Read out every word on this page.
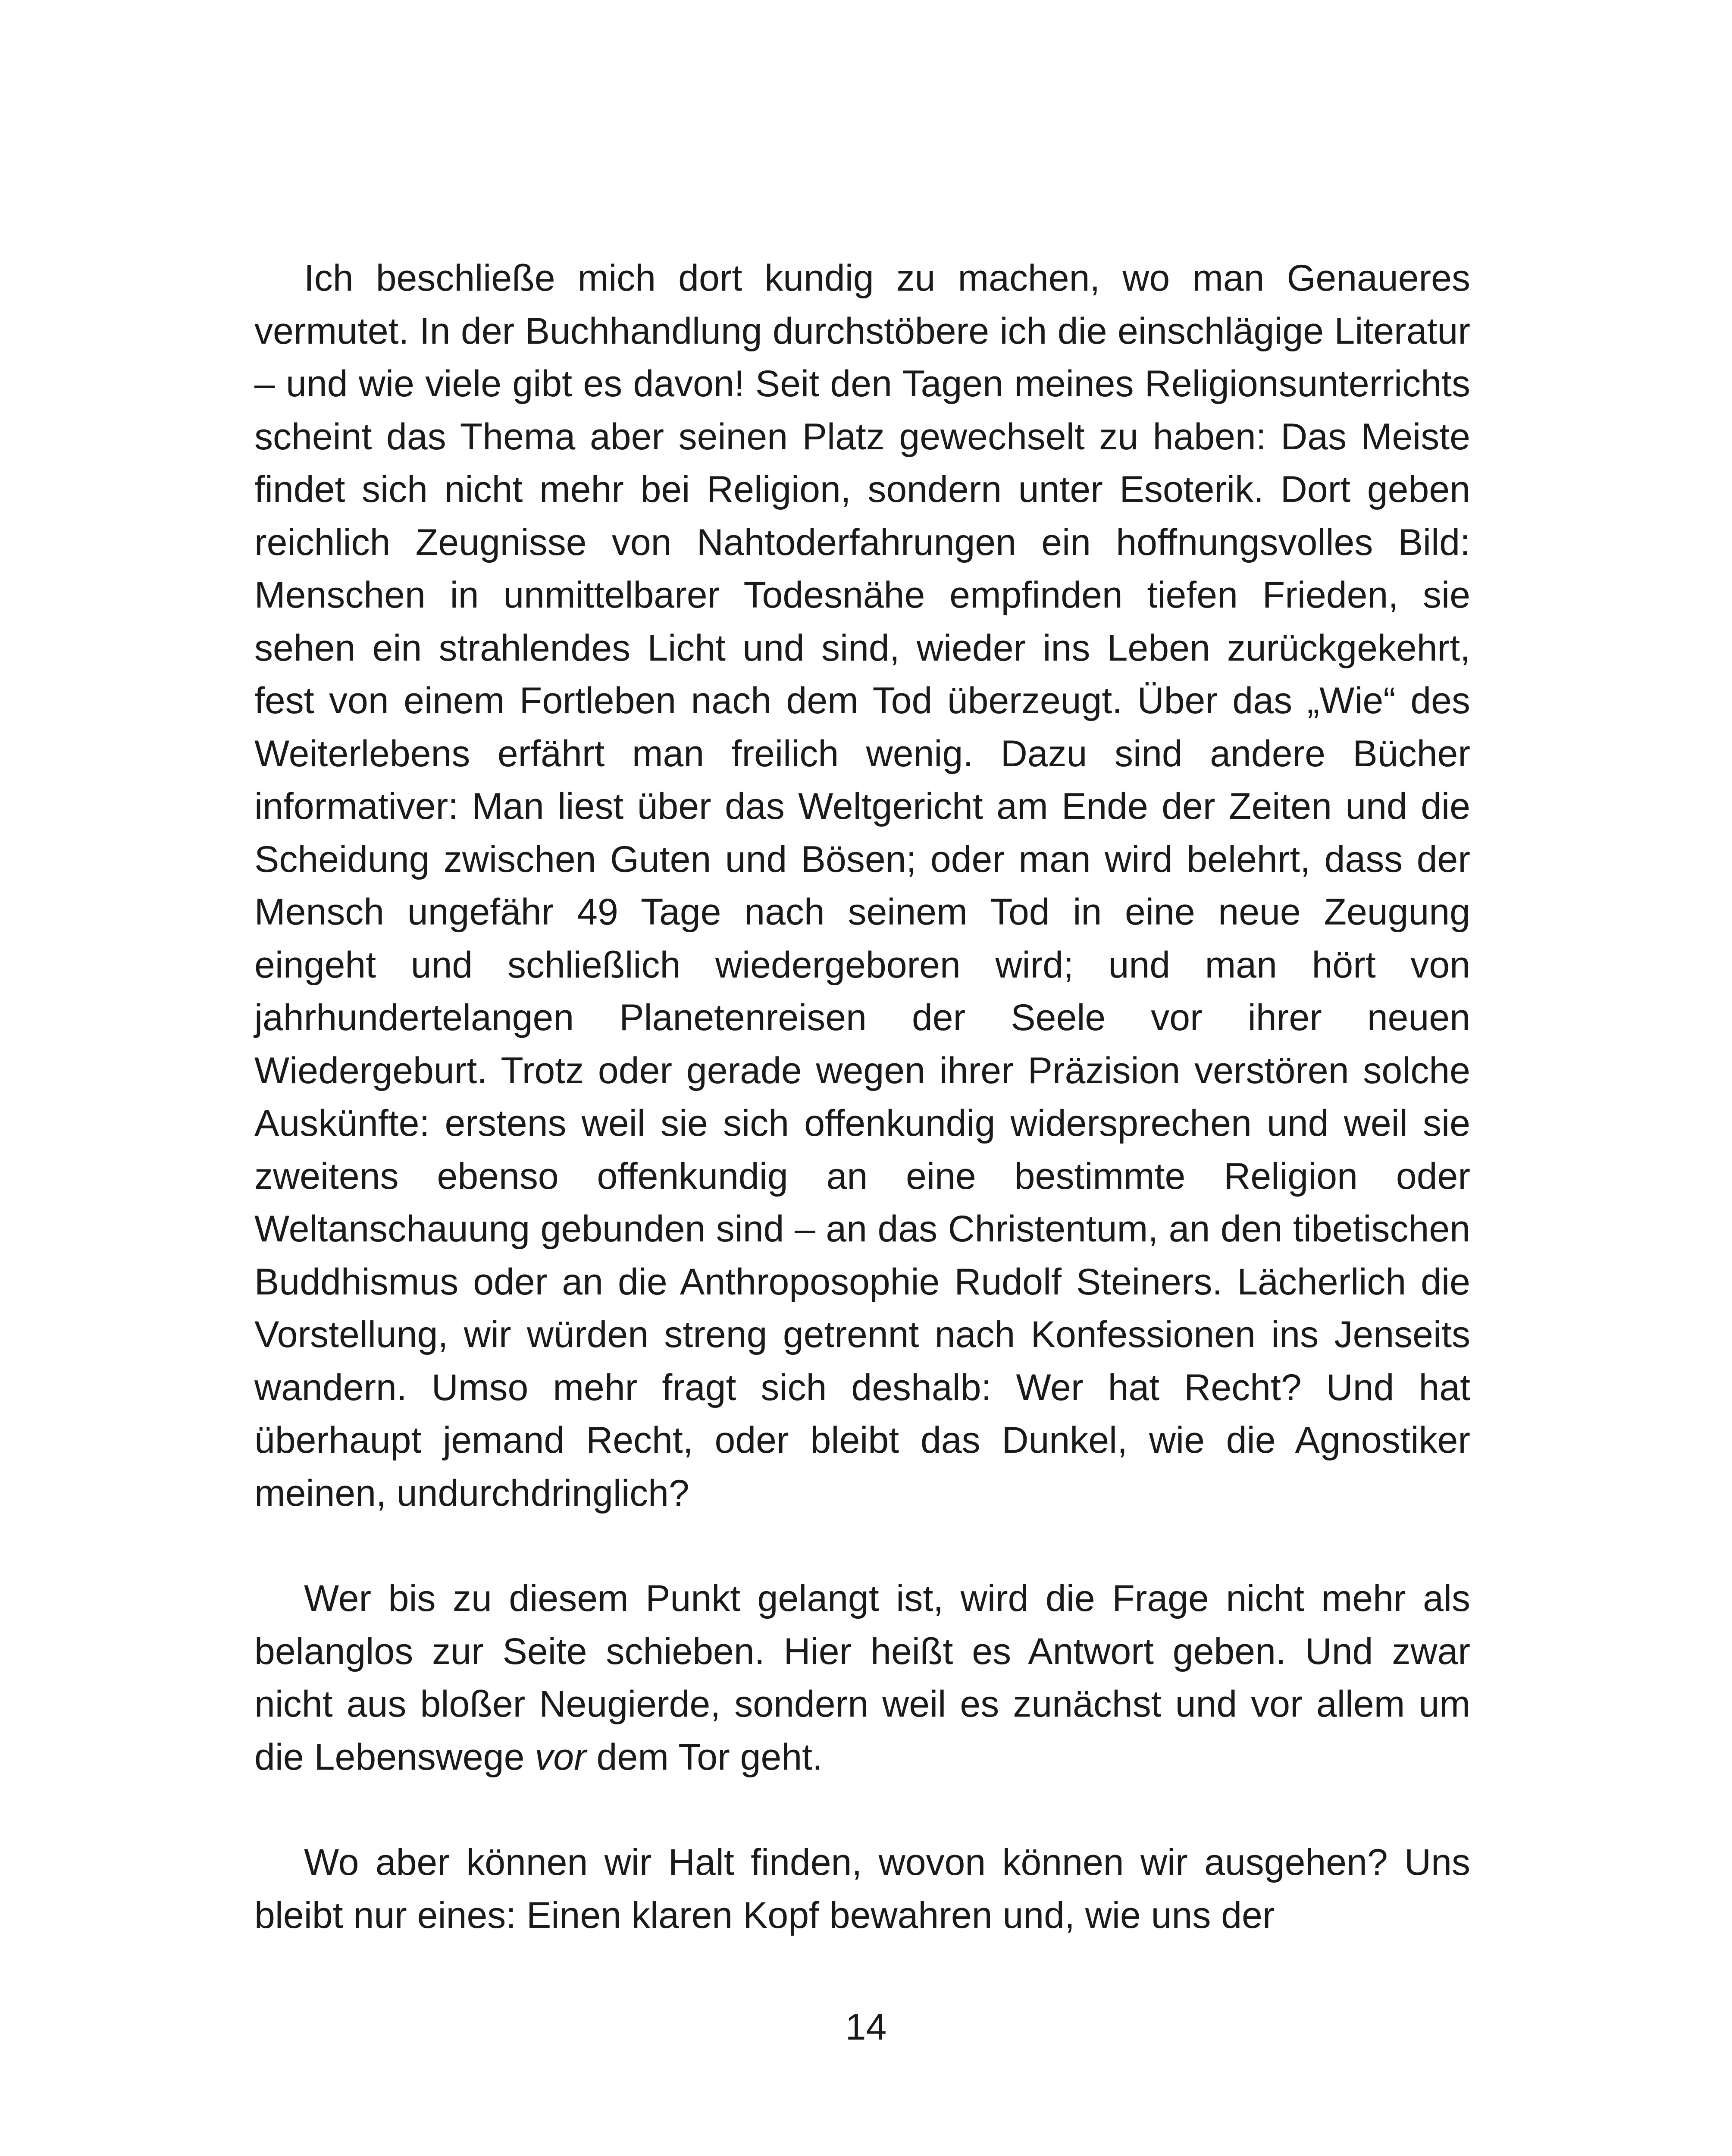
Ich beschließe mich dort kundig zu machen, wo man Genaueres vermutet. In der Buchhandlung durchstöbere ich die einschlägige Literatur – und wie viele gibt es davon! Seit den Tagen meines Religionsunterrichts scheint das Thema aber seinen Platz gewechselt zu haben: Das Meiste findet sich nicht mehr bei Religion, sondern unter Esoterik. Dort geben reichlich Zeugnisse von Nahtoderfahrungen ein hoffnungsvolles Bild: Menschen in unmittelbarer Todesnähe empfinden tiefen Frieden, sie sehen ein strahlendes Licht und sind, wieder ins Leben zurückgekehrt, fest von einem Fortleben nach dem Tod überzeugt. Über das „Wie“ des Weiterlebens erfährt man freilich wenig. Dazu sind andere Bücher informativer: Man liest über das Weltgericht am Ende der Zeiten und die Scheidung zwischen Guten und Bösen; oder man wird belehrt, dass der Mensch ungefähr 49 Tage nach seinem Tod in eine neue Zeugung eingeht und schließlich wiedergeboren wird; und man hört von jahrhundertelangen Planetenreisen der Seele vor ihrer neuen Wiedergeburt. Trotz oder gerade wegen ihrer Präzision verstören solche Auskünfte: erstens weil sie sich offenkundig widersprechen und weil sie zweitens ebenso offenkundig an eine bestimmte Religion oder Weltanschauung gebunden sind – an das Christentum, an den tibetischen Buddhismus oder an die Anthroposophie Rudolf Steiners. Lächerlich die Vorstellung, wir würden streng getrennt nach Konfessionen ins Jenseits wandern. Umso mehr fragt sich deshalb: Wer hat Recht? Und hat überhaupt jemand Recht, oder bleibt das Dunkel, wie die Agnostiker meinen, undurchdringlich?

Wer bis zu diesem Punkt gelangt ist, wird die Frage nicht mehr als belanglos zur Seite schieben. Hier heißt es Antwort geben. Und zwar nicht aus bloßer Neugierde, sondern weil es zunächst und vor allem um die Lebenswege vor dem Tor geht.

Wo aber können wir Halt finden, wovon können wir ausgehen? Uns bleibt nur eines: Einen klaren Kopf bewahren und, wie uns der

14
